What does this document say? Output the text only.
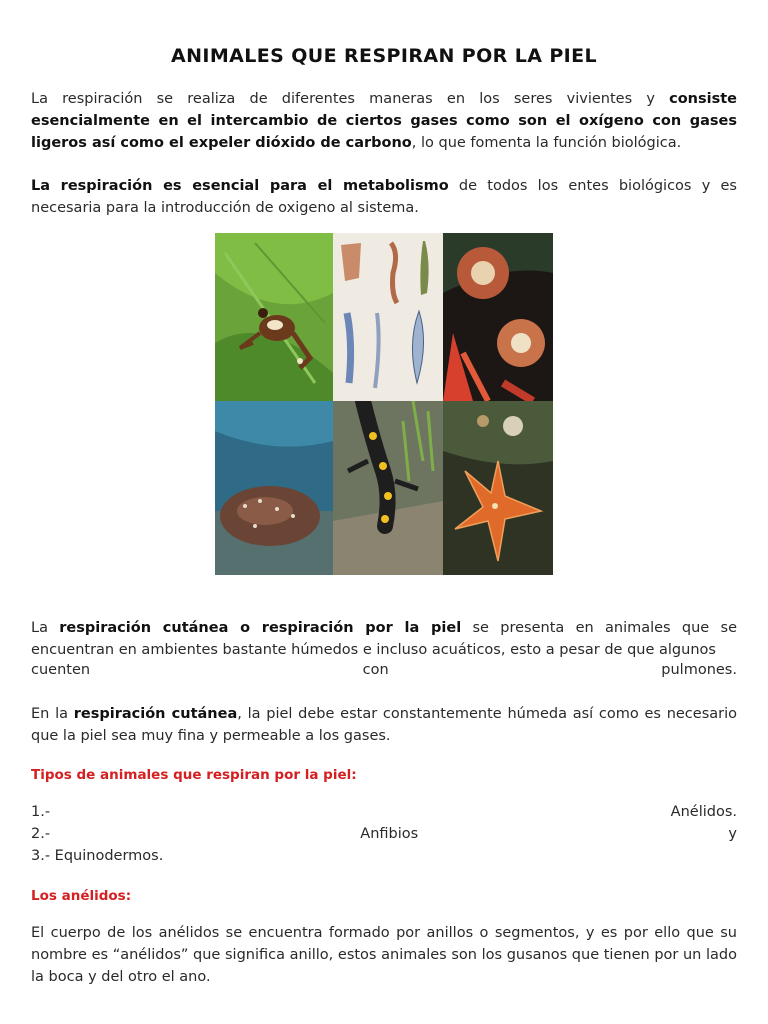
ANIMALES QUE RESPIRAN POR LA PIEL

La respiración se realiza de diferentes maneras en los seres vivientes y consiste esencialmente en el intercambio de ciertos gases como son el oxígeno con gases ligeros así como el expeler dióxido de carbono, lo que fomenta la función biológica.

La respiración es esencial para el metabolismo de todos los entes biológicos y es necesaria para la introducción de oxigeno al sistema.

La respiración cutánea o respiración por la piel se presenta en animales que se encuentran en ambientes bastante húmedos e incluso acuáticos, esto a pesar de que algunos

cuenten	con	pulmones.

En la respiración cutánea, la piel debe estar constantemente húmeda así como es necesario que la piel sea muy fina y permeable a los gases.

Tipos de animales que respiran por la piel:

1.-	Anélidos.
2.-	Anfibios	y

3.- Equinodermos.

Los anélidos:

El cuerpo de los anélidos se encuentra formado por anillos o segmentos, y es por ello que su nombre es “anélidos” que significa anillo, estos animales son los gusanos que tienen por un lado la boca y del otro el ano.
